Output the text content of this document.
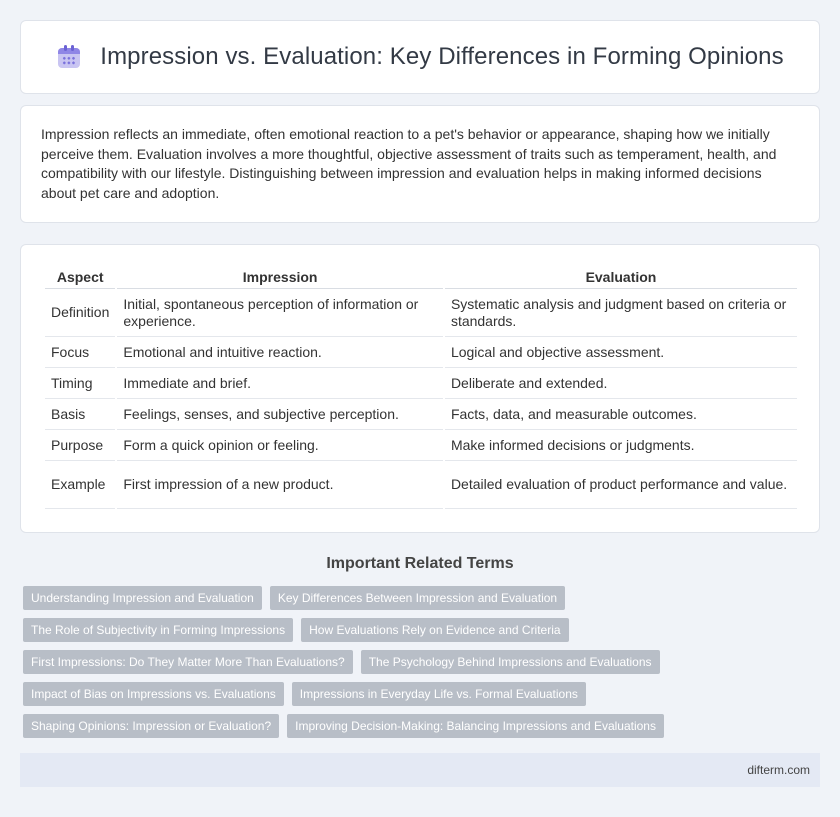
Impression vs. Evaluation: Key Differences in Forming Opinions

Impression reflects an immediate, often emotional reaction to a pet's behavior or appearance, shaping how we initially perceive them. Evaluation involves a more thoughtful, objective assessment of traits such as temperament, health, and compatibility with our lifestyle. Distinguishing between impression and evaluation helps in making informed decisions about pet care and adoption.

Aspect	Impression	Evaluation
Definition	Initial, spontaneous perception of information or experience.	Systematic analysis and judgment based on criteria or standards.
Focus	Emotional and intuitive reaction.	Logical and objective assessment.
Timing	Immediate and brief.	Deliberate and extended.
Basis	Feelings, senses, and subjective perception.	Facts, data, and measurable outcomes.
Purpose	Form a quick opinion or feeling.	Make informed decisions or judgments.
Example	First impression of a new product.	Detailed evaluation of product performance and value.
Important Related Terms
Understanding Impression and Evaluation	Key Differences Between Impression and Evaluation
The Role of Subjectivity in Forming Impressions	How Evaluations Rely on Evidence and Criteria
First Impressions: Do They Matter More Than Evaluations?	The Psychology Behind Impressions and Evaluations
Impact of Bias on Impressions vs. Evaluations	Impressions in Everyday Life vs. Formal Evaluations
Shaping Opinions: Impression or Evaluation?	Improving Decision-Making: Balancing Impressions and Evaluations
difterm.com
